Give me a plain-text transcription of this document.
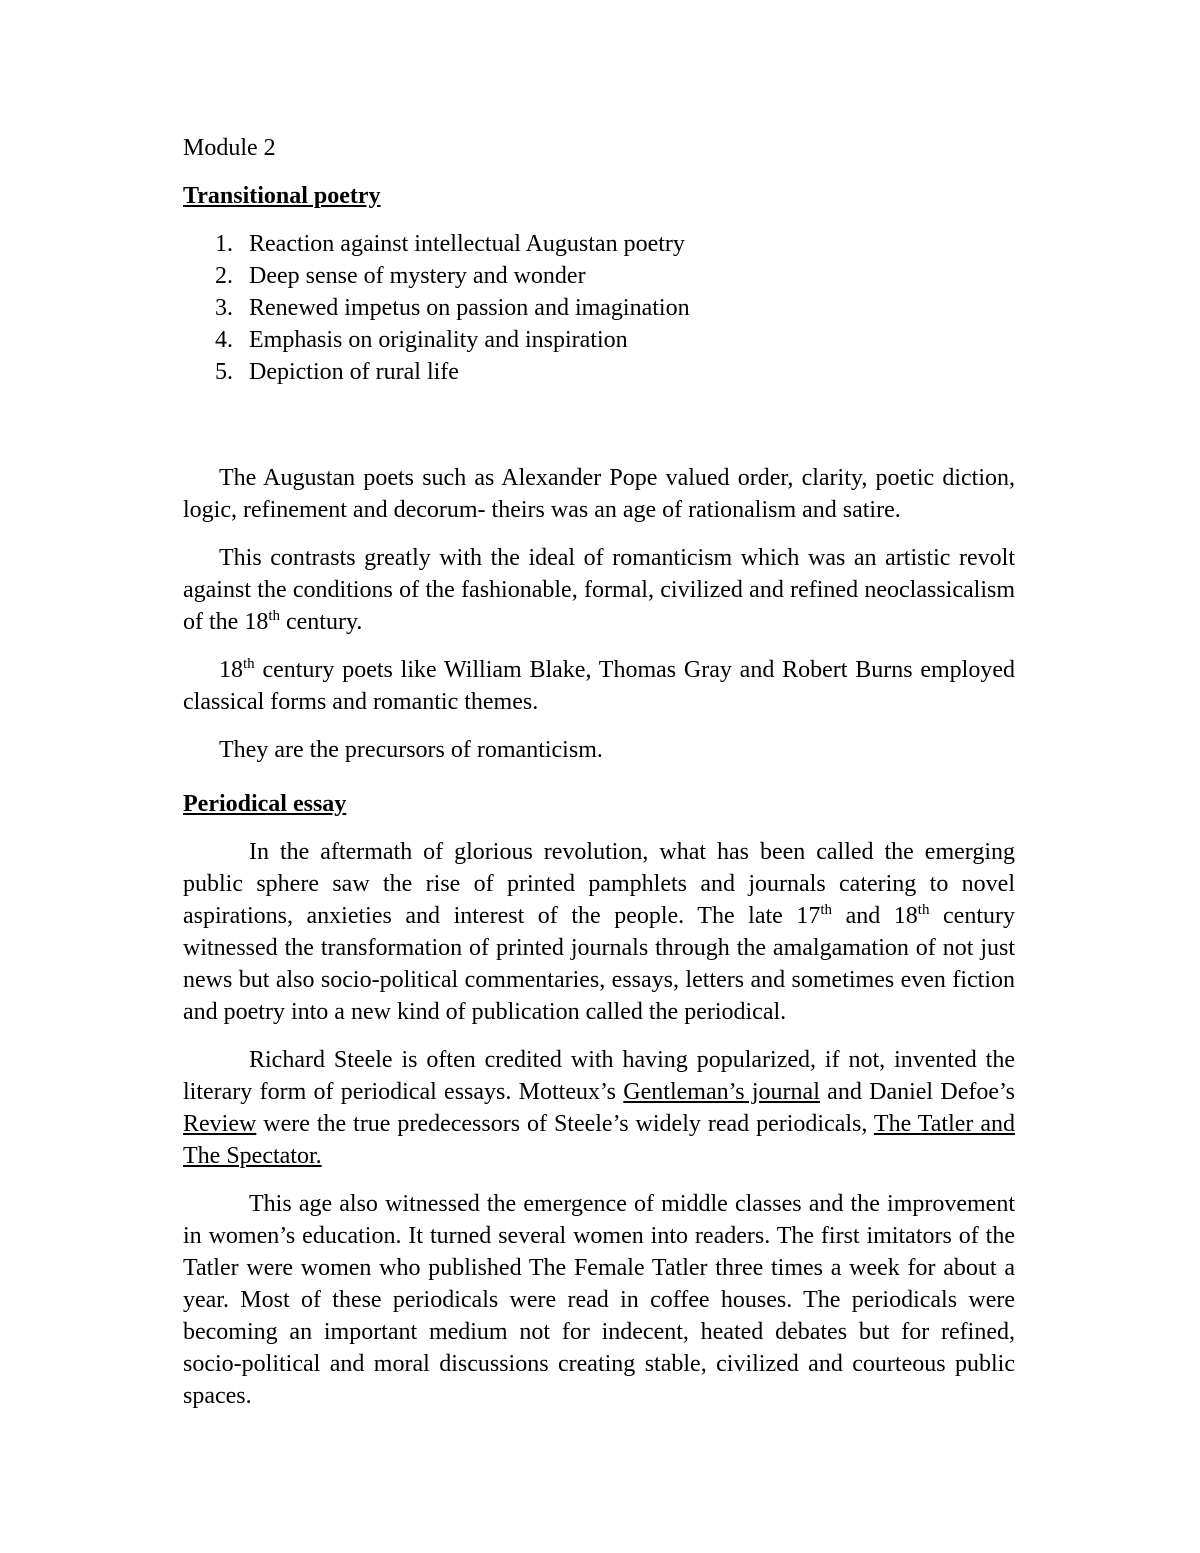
Module 2
Transitional poetry
1. Reaction against intellectual Augustan poetry
2. Deep sense of mystery and wonder
3. Renewed impetus on passion and imagination
4. Emphasis on originality and inspiration
5. Depiction of rural life

The Augustan poets such as Alexander Pope valued order, clarity, poetic diction, logic, refinement and decorum- theirs was an age of rationalism and satire.

This contrasts greatly with the ideal of romanticism which was an artistic revolt against the conditions of the fashionable, formal, civilized and refined neoclassicalism of the 18th century.

18th century poets like William Blake, Thomas Gray and Robert Burns employed classical forms and romantic themes.

They are the precursors of romanticism.

Periodical essay

In the aftermath of glorious revolution, what has been called the emerging public sphere saw the rise of printed pamphlets and journals catering to novel aspirations, anxieties and interest of the people. The late 17th and 18th century witnessed the transformation of printed journals through the amalgamation of not just news but also socio-political commentaries, essays, letters and sometimes even fiction and poetry into a new kind of publication called the periodical.

Richard Steele is often credited with having popularized, if not, invented the literary form of periodical essays. Motteux’s Gentleman’s journal and Daniel Defoe’s Review were the true predecessors of Steele’s widely read periodicals, The Tatler and The Spectator.

This age also witnessed the emergence of middle classes and the improvement in women’s education. It turned several women into readers. The first imitators of the Tatler were women who published The Female Tatler three times a week for about a year. Most of these periodicals were read in coffee houses. The periodicals were becoming an important medium not for indecent, heated debates but for refined, socio-political and moral discussions creating stable, civilized and courteous public spaces.
